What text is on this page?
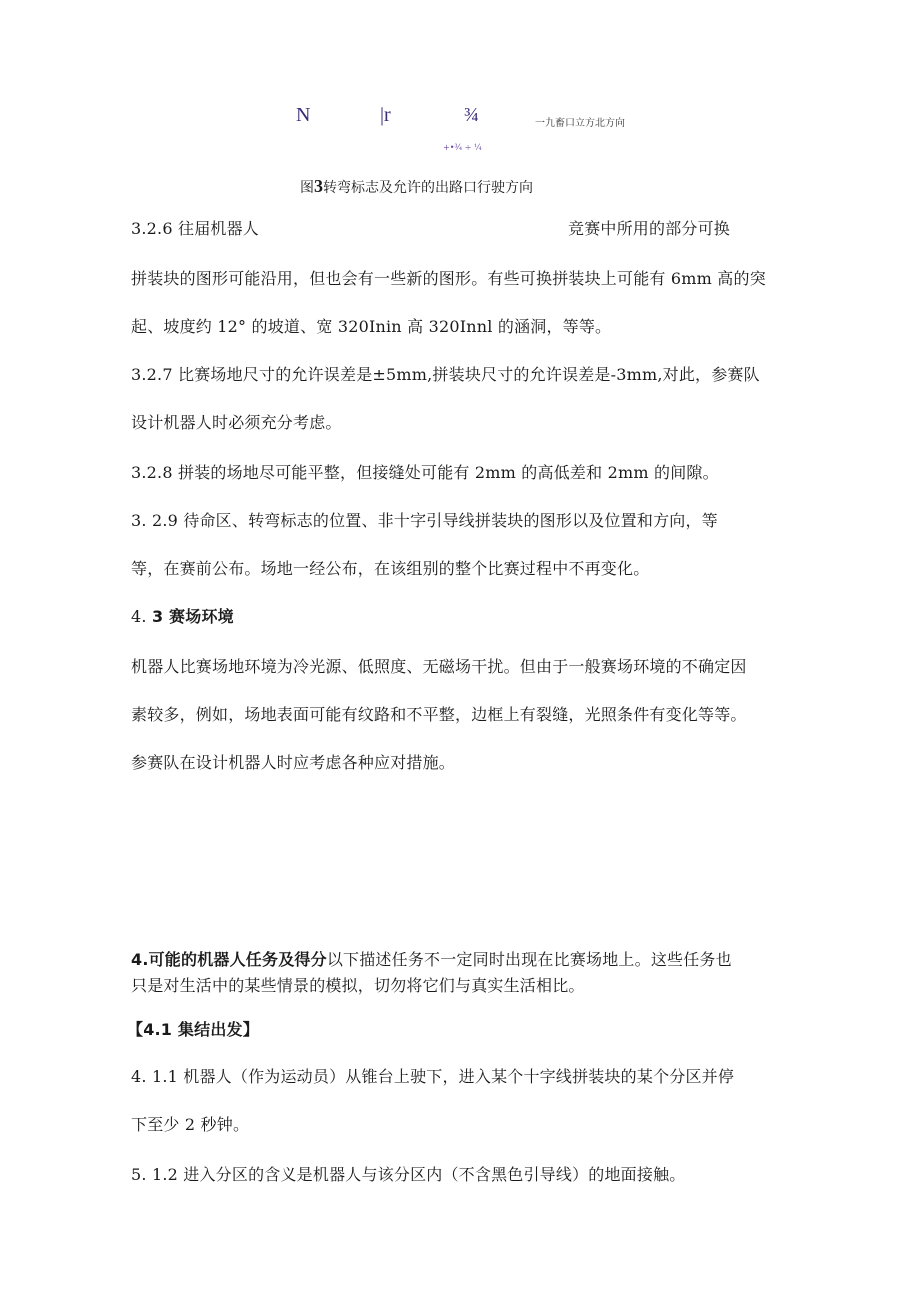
N	|r	¾	一九畜口立方北方向
+•¾ ÷ ¼
图3转弯标志及允许的出路口行驶方向
3.2.6 往届机器人	竞赛中所用的部分可换
拼装块的图形可能沿用，但也会有一些新的图形。有些可换拼装块上可能有 6mm 高的突
起、坡度约 12° 的坡道、宽 320Inin 高 320Innl 的涵洞，等等。
3.2.7 比赛场地尺寸的允许误差是±5mm,拼装块尺寸的允许误差是-3mm,对此，参赛队
设计机器人时必须充分考虑。
3.2.8 拼装的场地尽可能平整，但接缝处可能有 2mm 的高低差和 2mm 的间隙。
3. 2.9 待命区、转弯标志的位置、非十字引导线拼装块的图形以及位置和方向，等
等，在赛前公布。场地一经公布，在该组别的整个比赛过程中不再变化。
4. 3 赛场环境
机器人比赛场地环境为冷光源、低照度、无磁场干扰。但由于一般赛场环境的不确定因
素较多，例如，场地表面可能有纹路和不平整，边框上有裂缝，光照条件有变化等等。
参赛队在设计机器人时应考虑各种应对措施。
4.可能的机器人任务及得分以下描述任务不一定同时出现在比赛场地上。这些任务也
只是对生活中的某些情景的模拟，切勿将它们与真实生活相比。
【4.1 集结出发】
4. 1.1 机器人（作为运动员）从锥台上驶下，进入某个十字线拼装块的某个分区并停
下至少 2 秒钟。
5. 1.2 进入分区的含义是机器人与该分区内（不含黑色引导线）的地面接触。
